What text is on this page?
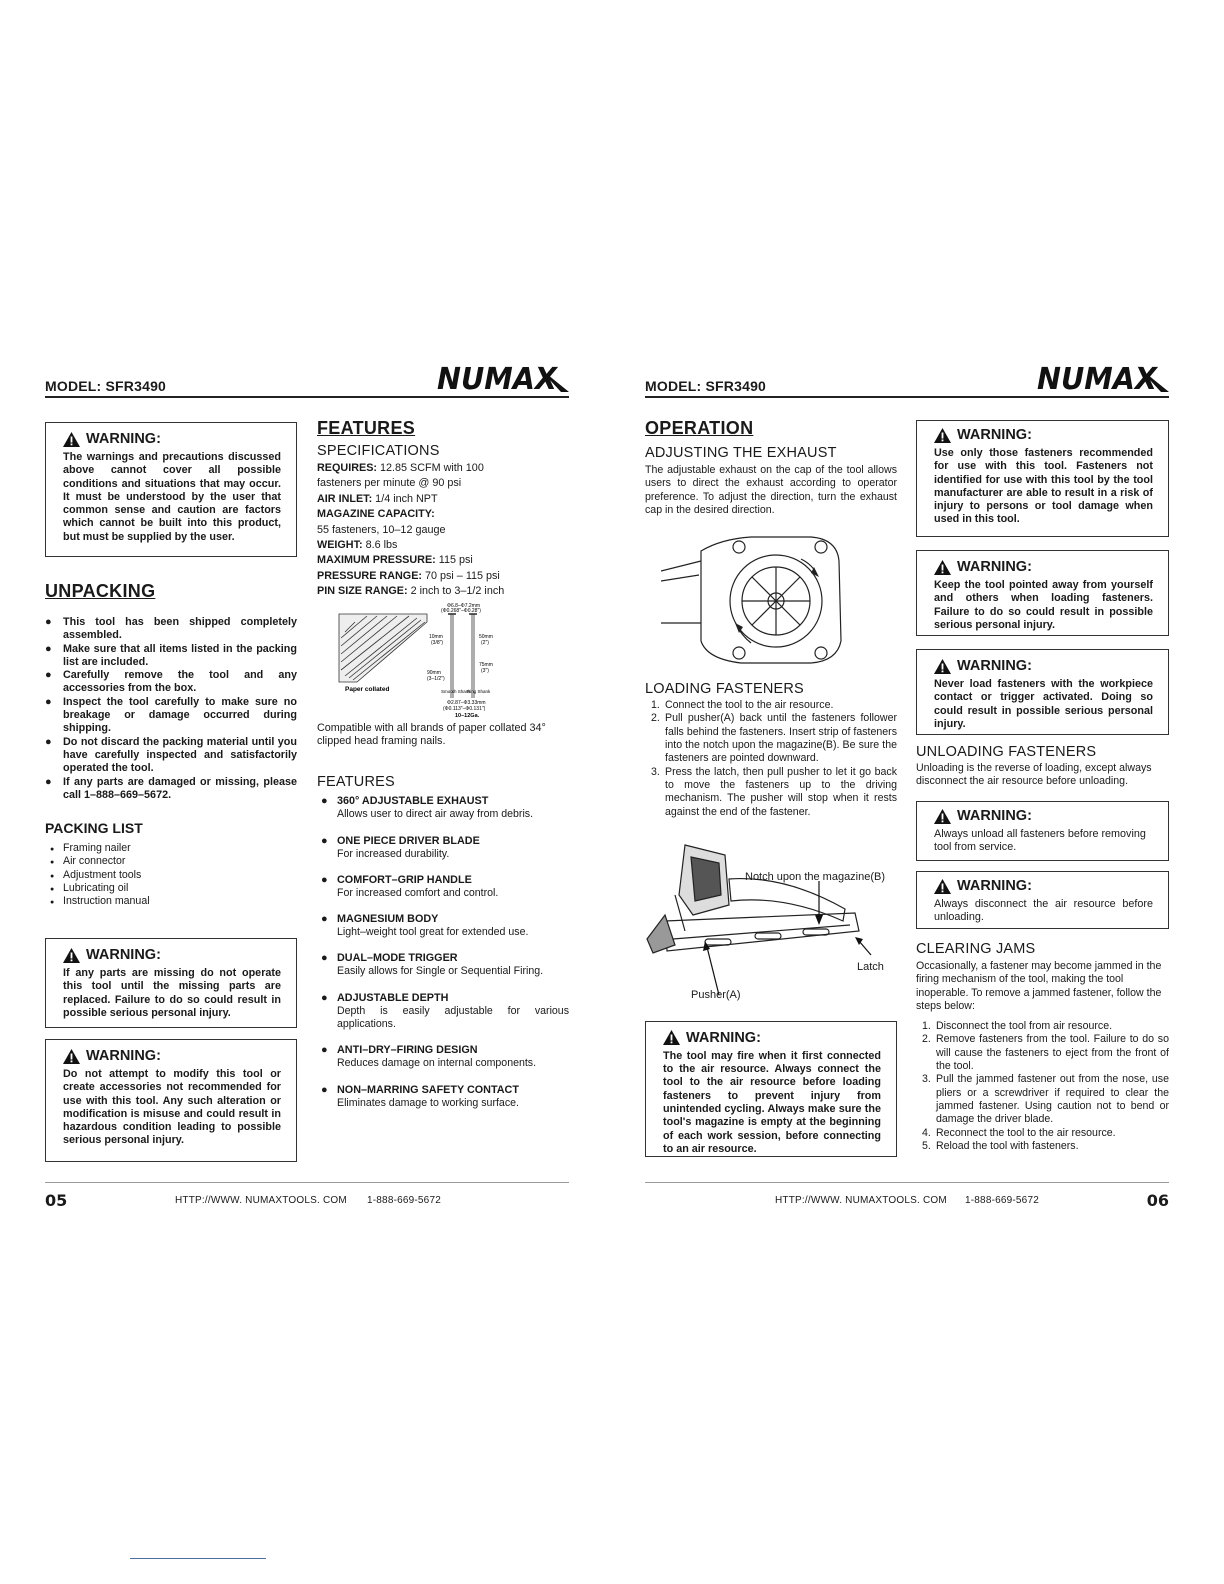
MODEL: SFR3490	NUMAX
WARNING:

The warnings and precautions discussed above cannot cover all possible conditions and situations that may occur. It must be understood by the user that common sense and caution are factors which cannot be built into this product, but must be supplied by the user.

UNPACKING
● This tool has been shipped completely assembled.
● Make sure that all items listed in the packing list are included.
● Carefully remove the tool and any accessories from the box.
● Inspect the tool carefully to make sure no breakage or damage occurred during shipping.
● Do not discard the packing material until you have carefully inspected and satisfactorily operated the tool.
● If any parts are damaged or missing, please call 1–888–669–5672.
PACKING LIST
● Framing nailer
● Air connector
● Adjustment tools
● Lubricating oil
● Instruction manual
WARNING:

If any parts are missing do not operate this tool until the missing parts are replaced. Failure to do so could result in possible serious personal injury.

WARNING:

Do not attempt to modify this tool or create accessories not recommended for use with this tool. Any such alteration or modification is misuse and could result in hazardous condition leading to possible serious personal injury.

FEATURES
SPECIFICATIONS

REQUIRES: 12.85 SCFM with 100

fasteners per minute @ 90 psi

AIR INLET: 1/4 inch NPT

MAGAZINE CAPACITY:

55 fasteners, 10–12 gauge

WEIGHT: 8.6 lbs

MAXIMUM PRESSURE: 115 psi

PRESSURE RANGE: 70 psi – 115 psi

PIN SIZE RANGE: 2 inch to 3–1/2 inch

Paper collated
Φ6.8–Φ7.2mm
(Φ0.268"–Φ0.28")
10mm
(3/8")
50mm
(2")
90mm
(3–1/2")
75mm
(3")
Smooth Shank
Ring Shank
Φ2.87–Φ3.33mm
(Φ0.113"–Φ0.131")
10–12Ga.

Compatible with all brands of paper collated 34° clipped head framing nails.

FEATURES

● 360° ADJUSTABLE EXHAUST

Allows user to direct air away from debris.

● ONE PIECE DRIVER BLADE

For increased durability.

● COMFORT–GRIP HANDLE

For increased comfort and control.

● MAGNESIUM BODY

Light–weight tool great for extended use.

● DUAL–MODE TRIGGER

Easily allows for Single or Sequential Firing.

● ADJUSTABLE DEPTH

Depth is easily adjustable for various applications.

● ANTI–DRY–FIRING DESIGN

Reduces damage on internal components.

● NON–MARRING SAFETY CONTACT

Eliminates damage to working surface.

05	HTTP://WWW. NUMAXTOOLS. COM 1-888-669-5672
MODEL: SFR3490	NUMAX
OPERATION
ADJUSTING THE EXHAUST

The adjustable exhaust on the cap of the tool allows users to direct the exhaust according to operator preference. To adjust the direction, turn the exhaust cap in the desired direction.

LOADING FASTENERS
1. Connect the tool to the air resource.
2. Pull pusher(A) back until the fasteners follower falls behind the fasteners. Insert strip of fasteners into the notch upon the magazine(B). Be sure the fasteners are pointed downward.
3. Press the latch, then pull pusher to let it go back to move the fasteners up to the driving mechanism. The pusher will stop when it rests against the end of the fastener.
Notch upon the magazine(B)
Latch
Pusher(A)
WARNING:

The tool may fire when it first connected to the air resource. Always connect the tool to the air resource before loading fasteners to prevent injury from unintended cycling. Always make sure the tool's magazine is empty at the beginning of each work session, before connecting to an air resource.

WARNING:

Use only those fasteners recommended for use with this tool. Fasteners not identified for use with this tool by the tool manufacturer are able to result in a risk of injury to persons or tool damage when used in this tool.

WARNING:

Keep the tool pointed away from yourself and others when loading fasteners. Failure to do so could result in possible serious personal injury.

WARNING:

Never load fasteners with the workpiece contact or trigger activated. Doing so could result in possible serious personal injury.

UNLOADING FASTENERS

Unloading is the reverse of loading, except always disconnect the air resource before unloading.

WARNING:

Always unload all fasteners before removing tool from service.

WARNING:

Always disconnect the air resource before unloading.

CLEARING JAMS

Occasionally, a fastener may become jammed in the firing mechanism of the tool, making the tool inoperable. To remove a jammed fastener, follow the steps below:

1. Disconnect the tool from air resource.
2. Remove fasteners from the tool. Failure to do so will cause the fasteners to eject from the front of the tool.
3. Pull the jammed fastener out from the nose, use pliers or a screwdriver if required to clear the jammed fastener. Using caution not to bend or damage the driver blade.
4. Reconnect the tool to the air resource.
5. Reload the tool with fasteners.
HTTP://WWW. NUMAXTOOLS. COM 1-888-669-5672	06
